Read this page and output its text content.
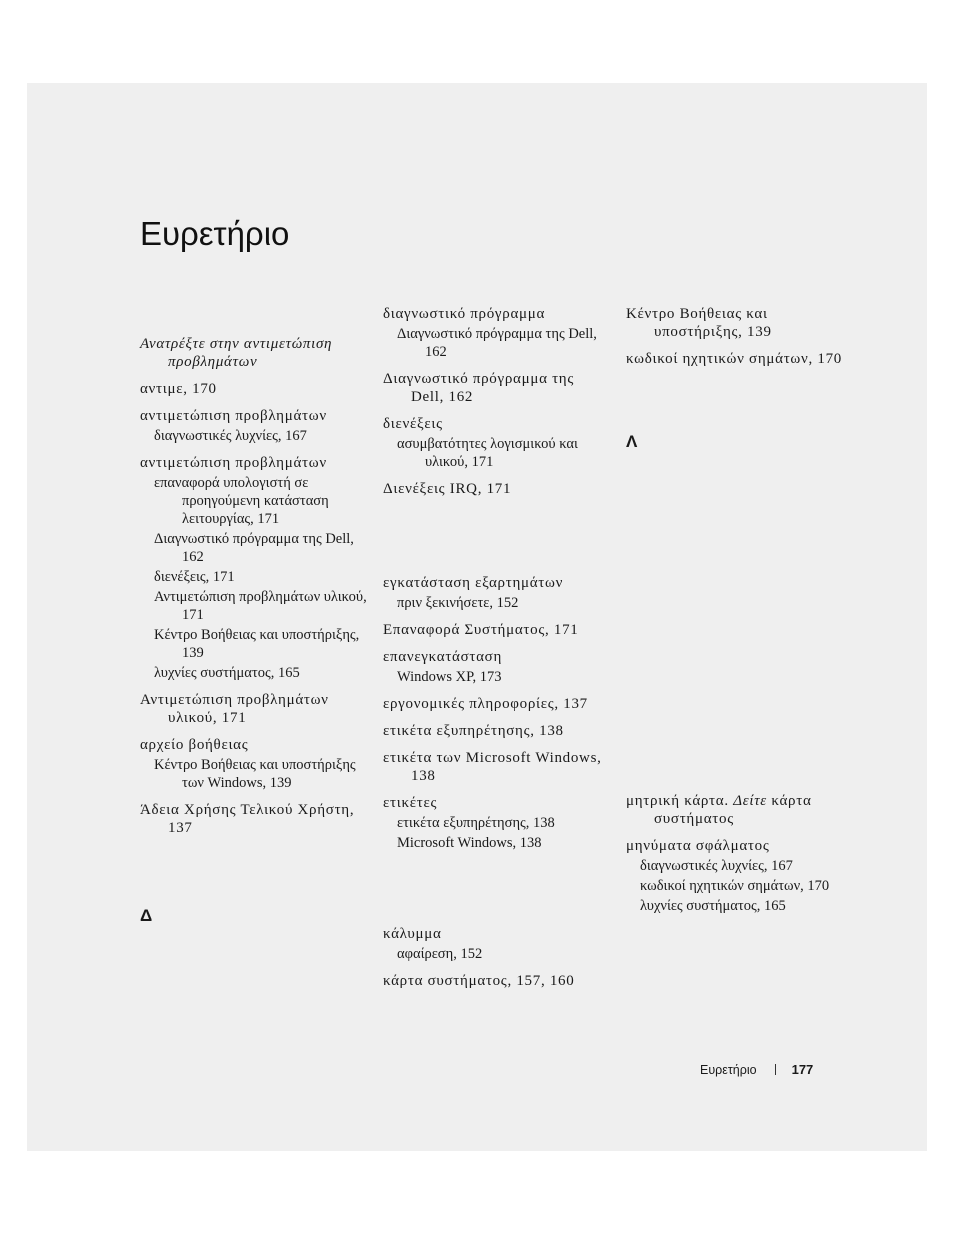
Ευρετήριο
Ανατρέξτε στην αντιμετώπιση προβλημάτων
αντιμε, 170
αντιμετώπιση προβλημάτων
διαγνωστικές λυχνίες, 167
αντιμετώπιση προβλημάτων
επαναφορά υπολογιστή σε προηγούμενη κατάσταση λειτουργίας, 171
Διαγνωστικό πρόγραμμα της Dell, 162
διενέξεις, 171
Αντιμετώπιση προβλημάτων υλικού, 171
Κέντρο Βοήθειας και υποστήριξης, 139
λυχνίες συστήματος, 165
Αντιμετώπιση προβλημάτων υλικού, 171
αρχείο βοήθειας
Κέντρο Βοήθειας και υποστήριξης των Windows, 139
Άδεια Χρήσης Τελικού Χρήστη, 137
Δ
διαγνωστικό πρόγραμμα
Διαγνωστικό πρόγραμμα της Dell, 162
Διαγνωστικό πρόγραμμα της Dell, 162
διενέξεις
ασυμβατότητες λογισμικού και υλικού, 171
Διενέξεις IRQ, 171
εγκατάσταση εξαρτημάτων
πριν ξεκινήσετε, 152
Επαναφορά Συστήματος, 171
επανεγκατάσταση
Windows XP, 173
εργονομικές πληροφορίες, 137
ετικέτα εξυπηρέτησης, 138
ετικέτα των Microsoft Windows, 138
ετικέτες
ετικέτα εξυπηρέτησης, 138
Microsoft Windows, 138
κάλυμμα
αφαίρεση, 152
κάρτα συστήματος, 157, 160
Κέντρο Βοήθειας και υποστήριξης, 139
κωδικοί ηχητικών σημάτων, 170
Λ
μητρική κάρτα. Δείτε κάρτα συστήματος
μηνύματα σφάλματος
διαγνωστικές λυχνίες, 167
κωδικοί ηχητικών σημάτων, 170
λυχνίες συστήματος, 165
Ευρετήριο	177
